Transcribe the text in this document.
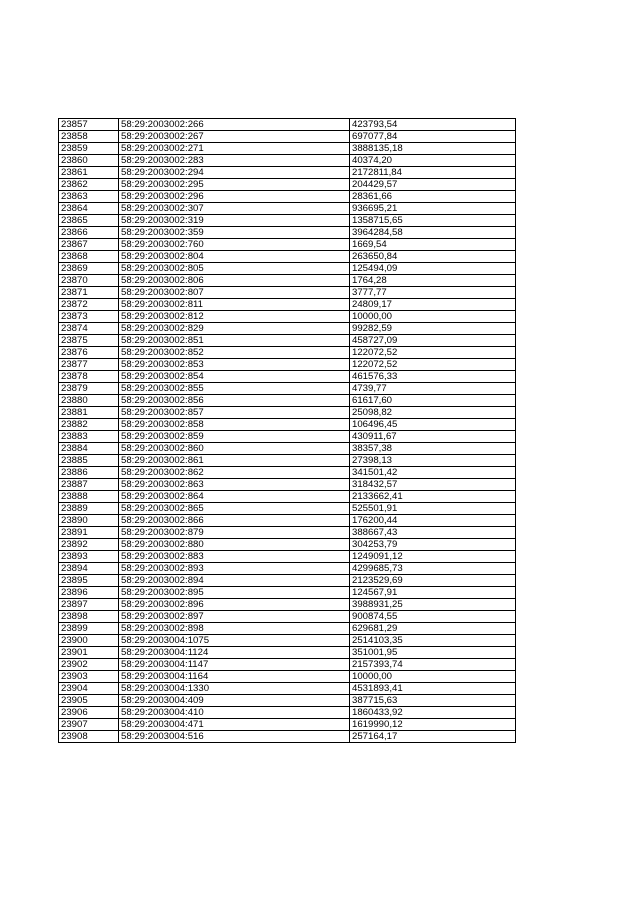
23857	58:29:2003002:266	423793,54
23858	58:29:2003002:267	697077,84
23859	58:29:2003002:271	3888135,18
23860	58:29:2003002:283	40374,20
23861	58:29:2003002:294	2172811,84
23862	58:29:2003002:295	204429,57
23863	58:29:2003002:296	28361,66
23864	58:29:2003002:307	936695,21
23865	58:29:2003002:319	1358715,65
23866	58:29:2003002:359	3964284,58
23867	58:29:2003002:760	1669,54
23868	58:29:2003002:804	263650,84
23869	58:29:2003002:805	125494,09
23870	58:29:2003002:806	1764,28
23871	58:29:2003002:807	3777,77
23872	58:29:2003002:811	24809,17
23873	58:29:2003002:812	10000,00
23874	58:29:2003002:829	99282,59
23875	58:29:2003002:851	458727,09
23876	58:29:2003002:852	122072,52
23877	58:29:2003002:853	122072,52
23878	58:29:2003002:854	461576,33
23879	58:29:2003002:855	4739,77
23880	58:29:2003002:856	61617,60
23881	58:29:2003002:857	25098,82
23882	58:29:2003002:858	106496,45
23883	58:29:2003002:859	430911,67
23884	58:29:2003002:860	38357,38
23885	58:29:2003002:861	27398,13
23886	58:29:2003002:862	341501,42
23887	58:29:2003002:863	318432,57
23888	58:29:2003002:864	2133662,41
23889	58:29:2003002:865	525501,91
23890	58:29:2003002:866	176200,44
23891	58:29:2003002:879	388667,43
23892	58:29:2003002:880	304253,79
23893	58:29:2003002:883	1249091,12
23894	58:29:2003002:893	4299685,73
23895	58:29:2003002:894	2123529,69
23896	58:29:2003002:895	124567,91
23897	58:29:2003002:896	3988931,25
23898	58:29:2003002:897	900874,55
23899	58:29:2003002:898	629681,29
23900	58:29:2003004:1075	2514103,35
23901	58:29:2003004:1124	351001,95
23902	58:29:2003004:1147	2157393,74
23903	58:29:2003004:1164	10000,00
23904	58:29:2003004:1330	4531893,41
23905	58:29:2003004:409	387715,63
23906	58:29:2003004:410	1860433,92
23907	58:29:2003004:471	1619990,12
23908	58:29:2003004:516	257164,17
